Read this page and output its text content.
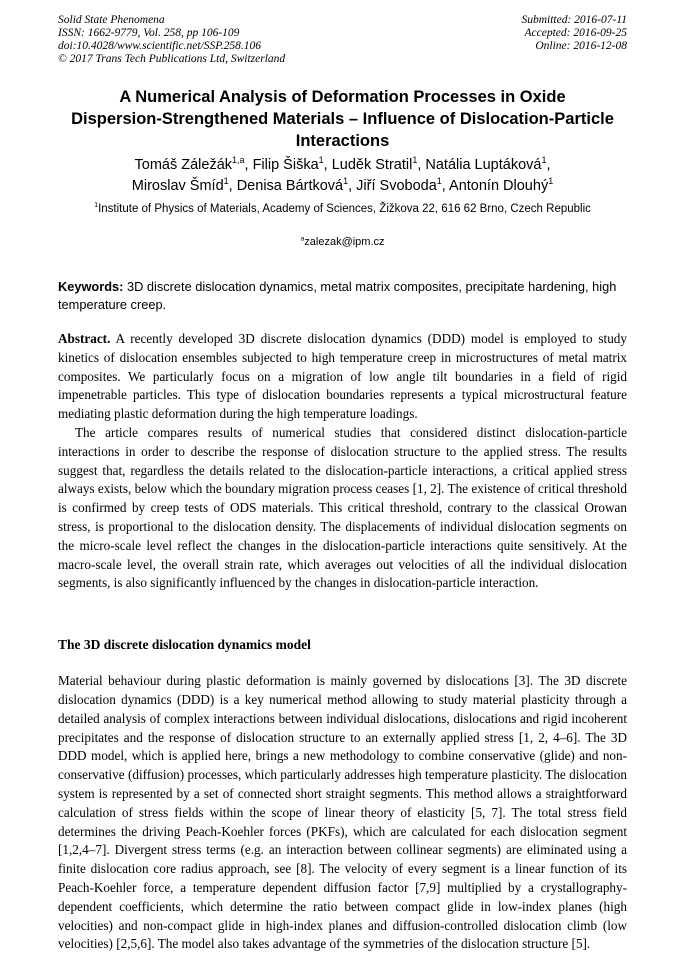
Solid State Phenomena
ISSN: 1662-9779, Vol. 258, pp 106-109
doi:10.4028/www.scientific.net/SSP.258.106
© 2017 Trans Tech Publications Ltd, Switzerland
Submitted: 2016-07-11
Accepted: 2016-09-25
Online: 2016-12-08
A Numerical Analysis of Deformation Processes in Oxide
Dispersion-Strengthened Materials – Influence of Dislocation-Particle
Interactions
Tomáš Záležák$^{1,a}$, Filip Šiška$^1$, Luděk Stratil$^1$, Natália Luptáková$^1$,
Miroslav Šmíd$^1$, Denisa Bártková$^1$, Jiří Svoboda$^1$, Antonín Dlouhý$^1$
$^1$Institute of Physics of Materials, Academy of Sciences, Žižkova 22, 616 62 Brno, Czech Republic
$^a$zalezak@ipm.cz

Keywords: 3D discrete dislocation dynamics, metal matrix composites, precipitate hardening, high temperature creep.

Abstract. A recently developed 3D discrete dislocation dynamics (DDD) model is employed to study kinetics of dislocation ensembles subjected to high temperature creep in microstructures of metal matrix composites. We particularly focus on a migration of low angle tilt boundaries in a field of rigid impenetrable particles. This type of dislocation boundaries represents a typical microstructural feature mediating plastic deformation during the high temperature loadings.

The article compares results of numerical studies that considered distinct dislocation-particle interactions in order to describe the response of dislocation structure to the applied stress. The results suggest that, regardless the details related to the dislocation-particle interactions, a critical applied stress always exists, below which the boundary migration process ceases [1, 2]. The existence of critical threshold is confirmed by creep tests of ODS materials. This critical threshold, contrary to the classical Orowan stress, is proportional to the dislocation density. The displacements of individual dislocation segments on the micro-scale level reflect the changes in the dislocation-particle interactions quite sensitively. At the macro-scale level, the overall strain rate, which averages out velocities of all the individual dislocation segments, is also significantly influenced by the changes in dislocation-particle interaction.

The 3D discrete dislocation dynamics model

Material behaviour during plastic deformation is mainly governed by dislocations [3]. The 3D discrete dislocation dynamics (DDD) is a key numerical method allowing to study material plasticity through a detailed analysis of complex interactions between individual dislocations, dislocations and rigid incoherent precipitates and the response of dislocation structure to an externally applied stress [1, 2, 4–6]. The 3D DDD model, which is applied here, brings a new methodology to combine conservative (glide) and non-conservative (diffusion) processes, which particularly addresses high temperature plasticity. The dislocation system is represented by a set of connected short straight segments. This method allows a straightforward calculation of stress fields within the scope of linear theory of elasticity [5, 7]. The total stress field determines the driving Peach-Koehler forces (PKFs), which are calculated for each dislocation segment [1,2,4–7]. Divergent stress terms (e.g. an interaction between collinear segments) are eliminated using a finite dislocation core radius approach, see [8]. The velocity of every segment is a linear function of its Peach-Koehler force, a temperature dependent diffusion factor [7,9] multiplied by a crystallography-dependent coefficients, which determine the ratio between compact glide in low-index planes (high velocities) and non-compact glide in high-index planes and diffusion-controlled dislocation climb (low velocities) [2,5,6]. The model also takes advantage of the symmetries of the dislocation structure [5].
